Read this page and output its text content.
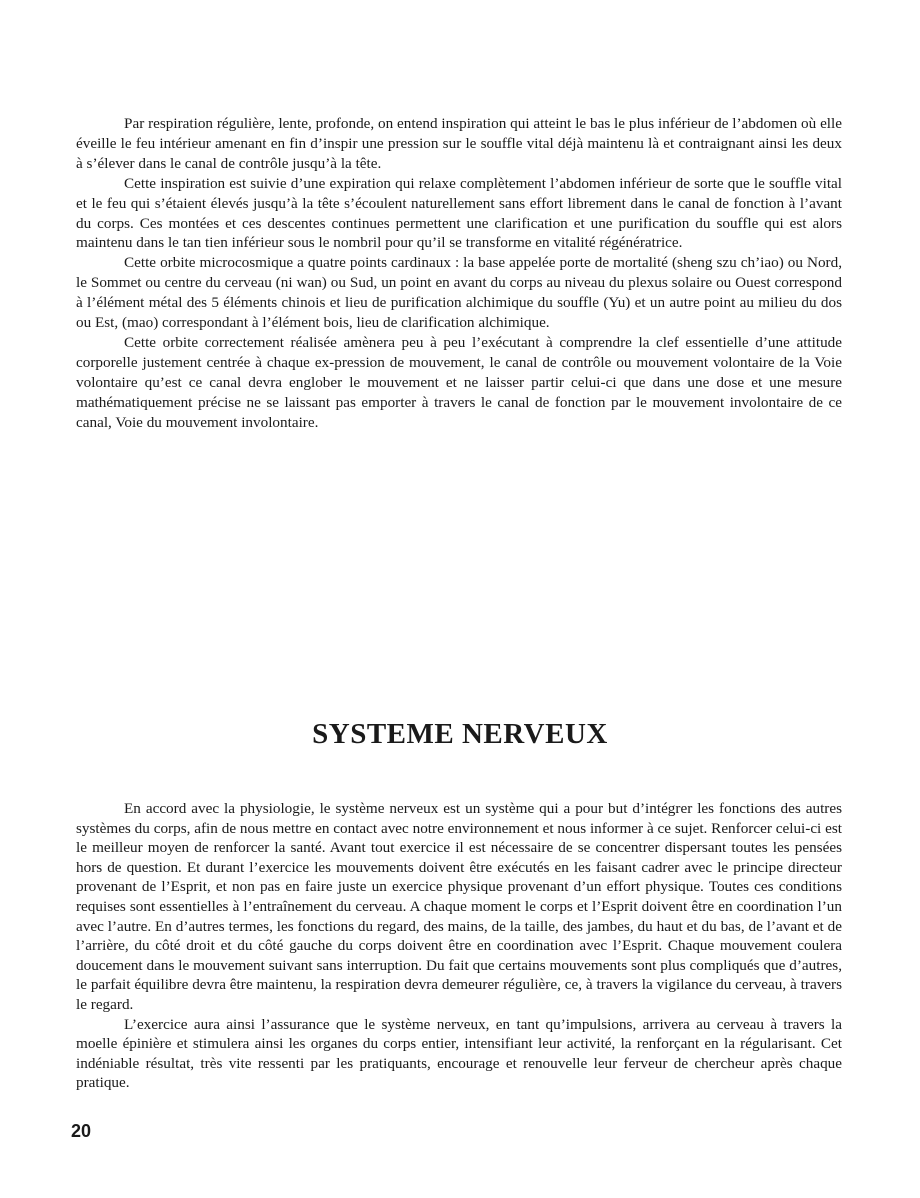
Par respiration régulière, lente, profonde, on entend inspiration qui atteint le bas le plus inférieur de l’abdomen où elle éveille le feu intérieur amenant en fin d’inspir une pression sur le souffle vital déjà maintenu là et contraignant ainsi les deux à s’élever dans le canal de contrôle jusqu’à la tête.

Cette inspiration est suivie d’une expiration qui relaxe complètement l’abdomen inférieur de sorte que le souffle vital et le feu qui s’étaient élevés jusqu’à la tête s’écoulent naturellement sans effort librement dans le canal de fonction à l’avant du corps. Ces montées et ces descentes continues permettent une clarification et une purification du souffle qui est alors maintenu dans le tan tien inférieur sous le nombril pour qu’il se transforme en vitalité régénératrice.

Cette orbite microcosmique a quatre points cardinaux : la base appelée porte de mortalité (sheng szu ch’iao) ou Nord, le Sommet ou centre du cerveau (ni wan) ou Sud, un point en avant du corps au niveau du plexus solaire ou Ouest correspond à l’élément métal des 5 éléments chinois et lieu de purification alchimique du souffle (Yu) et un autre point au milieu du dos ou Est, (mao) correspondant à l’élément bois, lieu de clarification alchimique.

Cette orbite correctement réalisée amènera peu à peu l’exécutant à comprendre la clef essentielle d’une attitude corporelle justement centrée à chaque ex-pression de mouvement, le canal de contrôle ou mouvement volontaire de la Voie volontaire qu’est ce canal devra englober le mouvement et ne laisser partir celui-ci que dans une dose et une mesure mathématiquement précise ne se laissant pas emporter à travers le canal de fonction par le mouvement involontaire de ce canal, Voie du mouvement involontaire.

SYSTEME NERVEUX

En accord avec la physiologie, le système nerveux est un système qui a pour but d’intégrer les fonctions des autres systèmes du corps, afin de nous mettre en contact avec notre environnement et nous informer à ce sujet. Renforcer celui-ci est le meilleur moyen de renforcer la santé. Avant tout exercice il est nécessaire de se concentrer dispersant toutes les pensées hors de question. Et durant l’exercice les mouvements doivent être exécutés en les faisant cadrer avec le principe directeur provenant de l’Esprit, et non pas en faire juste un exercice physique provenant d’un effort physique. Toutes ces conditions requises sont essentielles à l’entraînement du cerveau. A chaque moment le corps et l’Esprit doivent être en coordination l’un avec l’autre. En d’autres termes, les fonctions du regard, des mains, de la taille, des jambes, du haut et du bas, de l’avant et de l’arrière, du côté droit et du côté gauche du corps doivent être en coordination avec l’Esprit. Chaque mouvement coulera doucement dans le mouvement suivant sans interruption. Du fait que certains mouvements sont plus compliqués que d’autres, le parfait équilibre devra être maintenu, la respiration devra demeurer régulière, ce, à travers la vigilance du cerveau, à travers le regard.

L’exercice aura ainsi l’assurance que le système nerveux, en tant qu’impulsions, arrivera au cerveau à travers la moelle épinière et stimulera ainsi les organes du corps entier, intensifiant leur activité, la renforçant en la régularisant. Cet indéniable résultat, très vite ressenti par les pratiquants, encourage et renouvelle leur ferveur de chercheur après chaque pratique.

20
